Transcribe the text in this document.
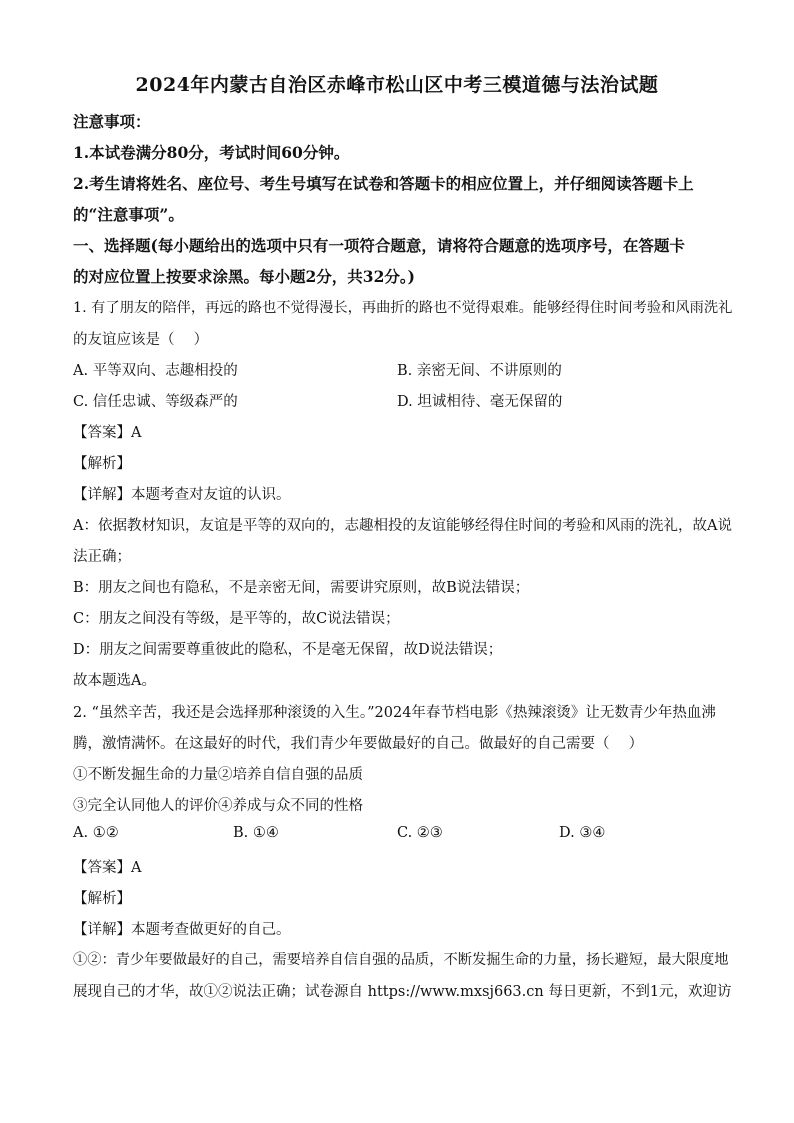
2024年内蒙古自治区赤峰市松山区中考三模道德与法治试题
注意事项：
1.本试卷满分80分，考试时间60分钟。
2.考生请将姓名、座位号、考生号填写在试卷和答题卡的相应位置上，并仔细阅读答题卡上
的“注意事项”。
一、选择题(每小题给出的选项中只有一项符合题意，请将符合题意的选项序号，在答题卡
的对应位置上按要求涂黑。每小题2分，共32分。)
1. 有了朋友的陪伴，再远的路也不觉得漫长，再曲折的路也不觉得艰难。能够经得住时间考验和风雨洗礼
的友谊应该是（　 ）
A. 平等双向、志趣相投的	B. 亲密无间、不讲原则的
C. 信任忠诚、等级森严的	D. 坦诚相待、毫无保留的
【答案】A
【解析】
【详解】本题考查对友谊的认识。
A：依据教材知识，友谊是平等的双向的，志趣相投的友谊能够经得住时间的考验和风雨的洗礼，故A说
法正确；
B：朋友之间也有隐私，不是亲密无间，需要讲究原则，故B说法错误；
C：朋友之间没有等级，是平等的，故C说法错误；
D：朋友之间需要尊重彼此的隐私，不是毫无保留，故D说法错误；
故本题选A。
2. “虽然辛苦，我还是会选择那种滚烫的入生。”2024年春节档电影《热辣滚烫》让无数青少年热血沸
腾，激情满怀。在这最好的时代，我们青少年要做最好的自己。做最好的自己需要（　 ）
①不断发掘生命的力量②培养自信自强的品质
③完全认同他人的评价④养成与众不同的性格
A. ①②	B. ①④	C. ②③	D. ③④
【答案】A
【解析】
【详解】本题考查做更好的自己。
①②：青少年要做最好的自己，需要培养自信自强的品质，不断发掘生命的力量，扬长避短，最大限度地
展现自己的才华，故①②说法正确；试卷源自 https://www.mxsj663.cn 每日更新，不到1元，欢迎访
